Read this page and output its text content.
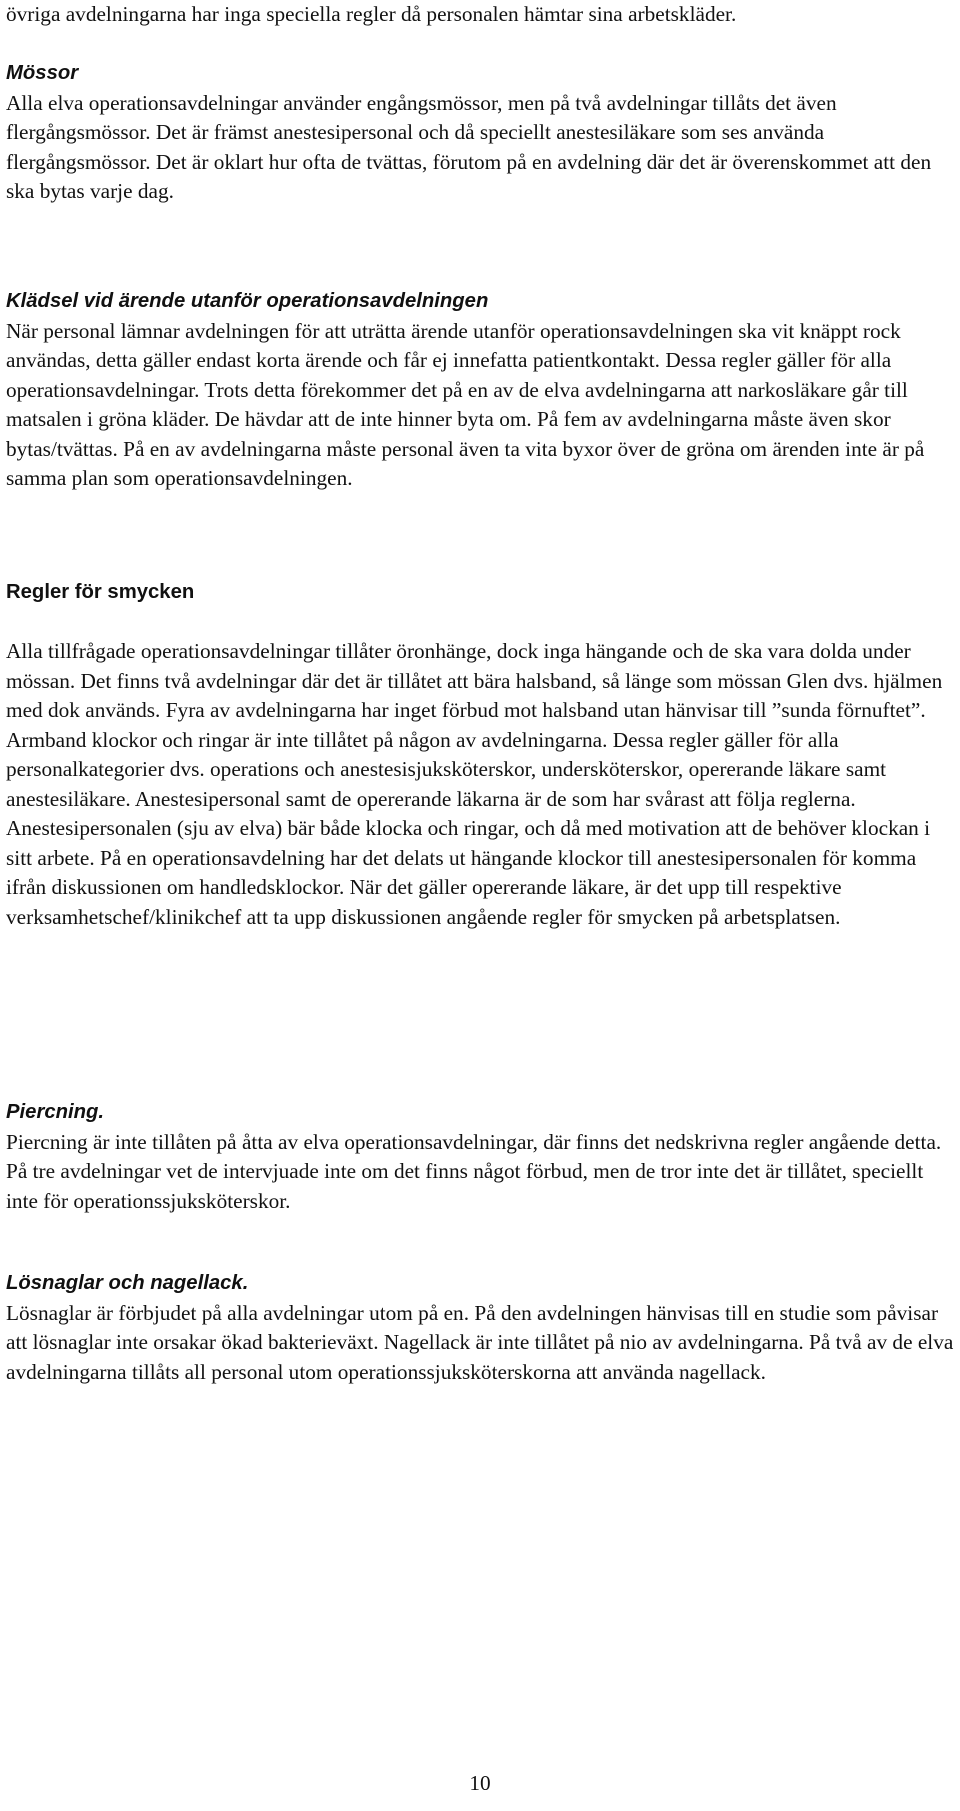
övriga avdelningarna har inga speciella regler då personalen hämtar sina arbetskläder.

Mössor

Alla elva operationsavdelningar använder engångsmössor, men på två avdelningar tillåts det även flergångsmössor. Det är främst anestesipersonal och då speciellt anestesiläkare som ses använda flergångsmössor. Det är oklart hur ofta de tvättas, förutom på en avdelning där det är överenskommet att den ska bytas varje dag.

Klädsel vid ärende utanför operationsavdelningen

När personal lämnar avdelningen för att uträtta ärende utanför operationsavdelningen ska vit knäppt rock användas, detta gäller endast korta ärende och får ej innefatta patientkontakt. Dessa regler gäller för alla operationsavdelningar. Trots detta förekommer det på en av de elva avdelningarna att narkosläkare går till matsalen i gröna kläder. De hävdar att de inte hinner byta om. På fem av avdelningarna måste även skor bytas/tvättas. På en av avdelningarna måste personal även ta vita byxor över de gröna om ärenden inte är på samma plan som operationsavdelningen.

Regler för smycken

Alla tillfrågade operationsavdelningar tillåter öronhänge, dock inga hängande och de ska vara dolda under mössan. Det finns två avdelningar där det är tillåtet att bära halsband, så länge som mössan Glen dvs. hjälmen med dok används. Fyra av avdelningarna har inget förbud mot halsband utan hänvisar till ”sunda förnuftet”. Armband klockor och ringar är inte tillåtet på någon av avdelningarna. Dessa regler gäller för alla personalkategorier dvs. operations och anestesisjuksköterskor, undersköterskor, opererande läkare samt anestesiläkare. Anestesipersonal samt de opererande läkarna är de som har svårast att följa reglerna. Anestesipersonalen (sju av elva) bär både klocka och ringar, och då med motivation att de behöver klockan i sitt arbete. På en operationsavdelning har det delats ut hängande klockor till anestesipersonalen för komma ifrån diskussionen om handledsklockor. När det gäller opererande läkare, är det upp till respektive verksamhetschef/klinikchef att ta upp diskussionen angående regler för smycken på arbetsplatsen.

Piercning.

Piercning är inte tillåten på åtta av elva operationsavdelningar, där finns det nedskrivna regler angående detta. På tre avdelningar vet de intervjuade inte om det finns något förbud, men de tror inte det är tillåtet, speciellt inte för operationssjuksköterskor.

Lösnaglar och nagellack.

Lösnaglar är förbjudet på alla avdelningar utom på en. På den avdelningen hänvisas till en studie som påvisar att lösnaglar inte orsakar ökad bakterieväxt. Nagellack är inte tillåtet på nio av avdelningarna. På två av de elva avdelningarna tillåts all personal utom operationssjuksköterskorna att använda nagellack.

10
